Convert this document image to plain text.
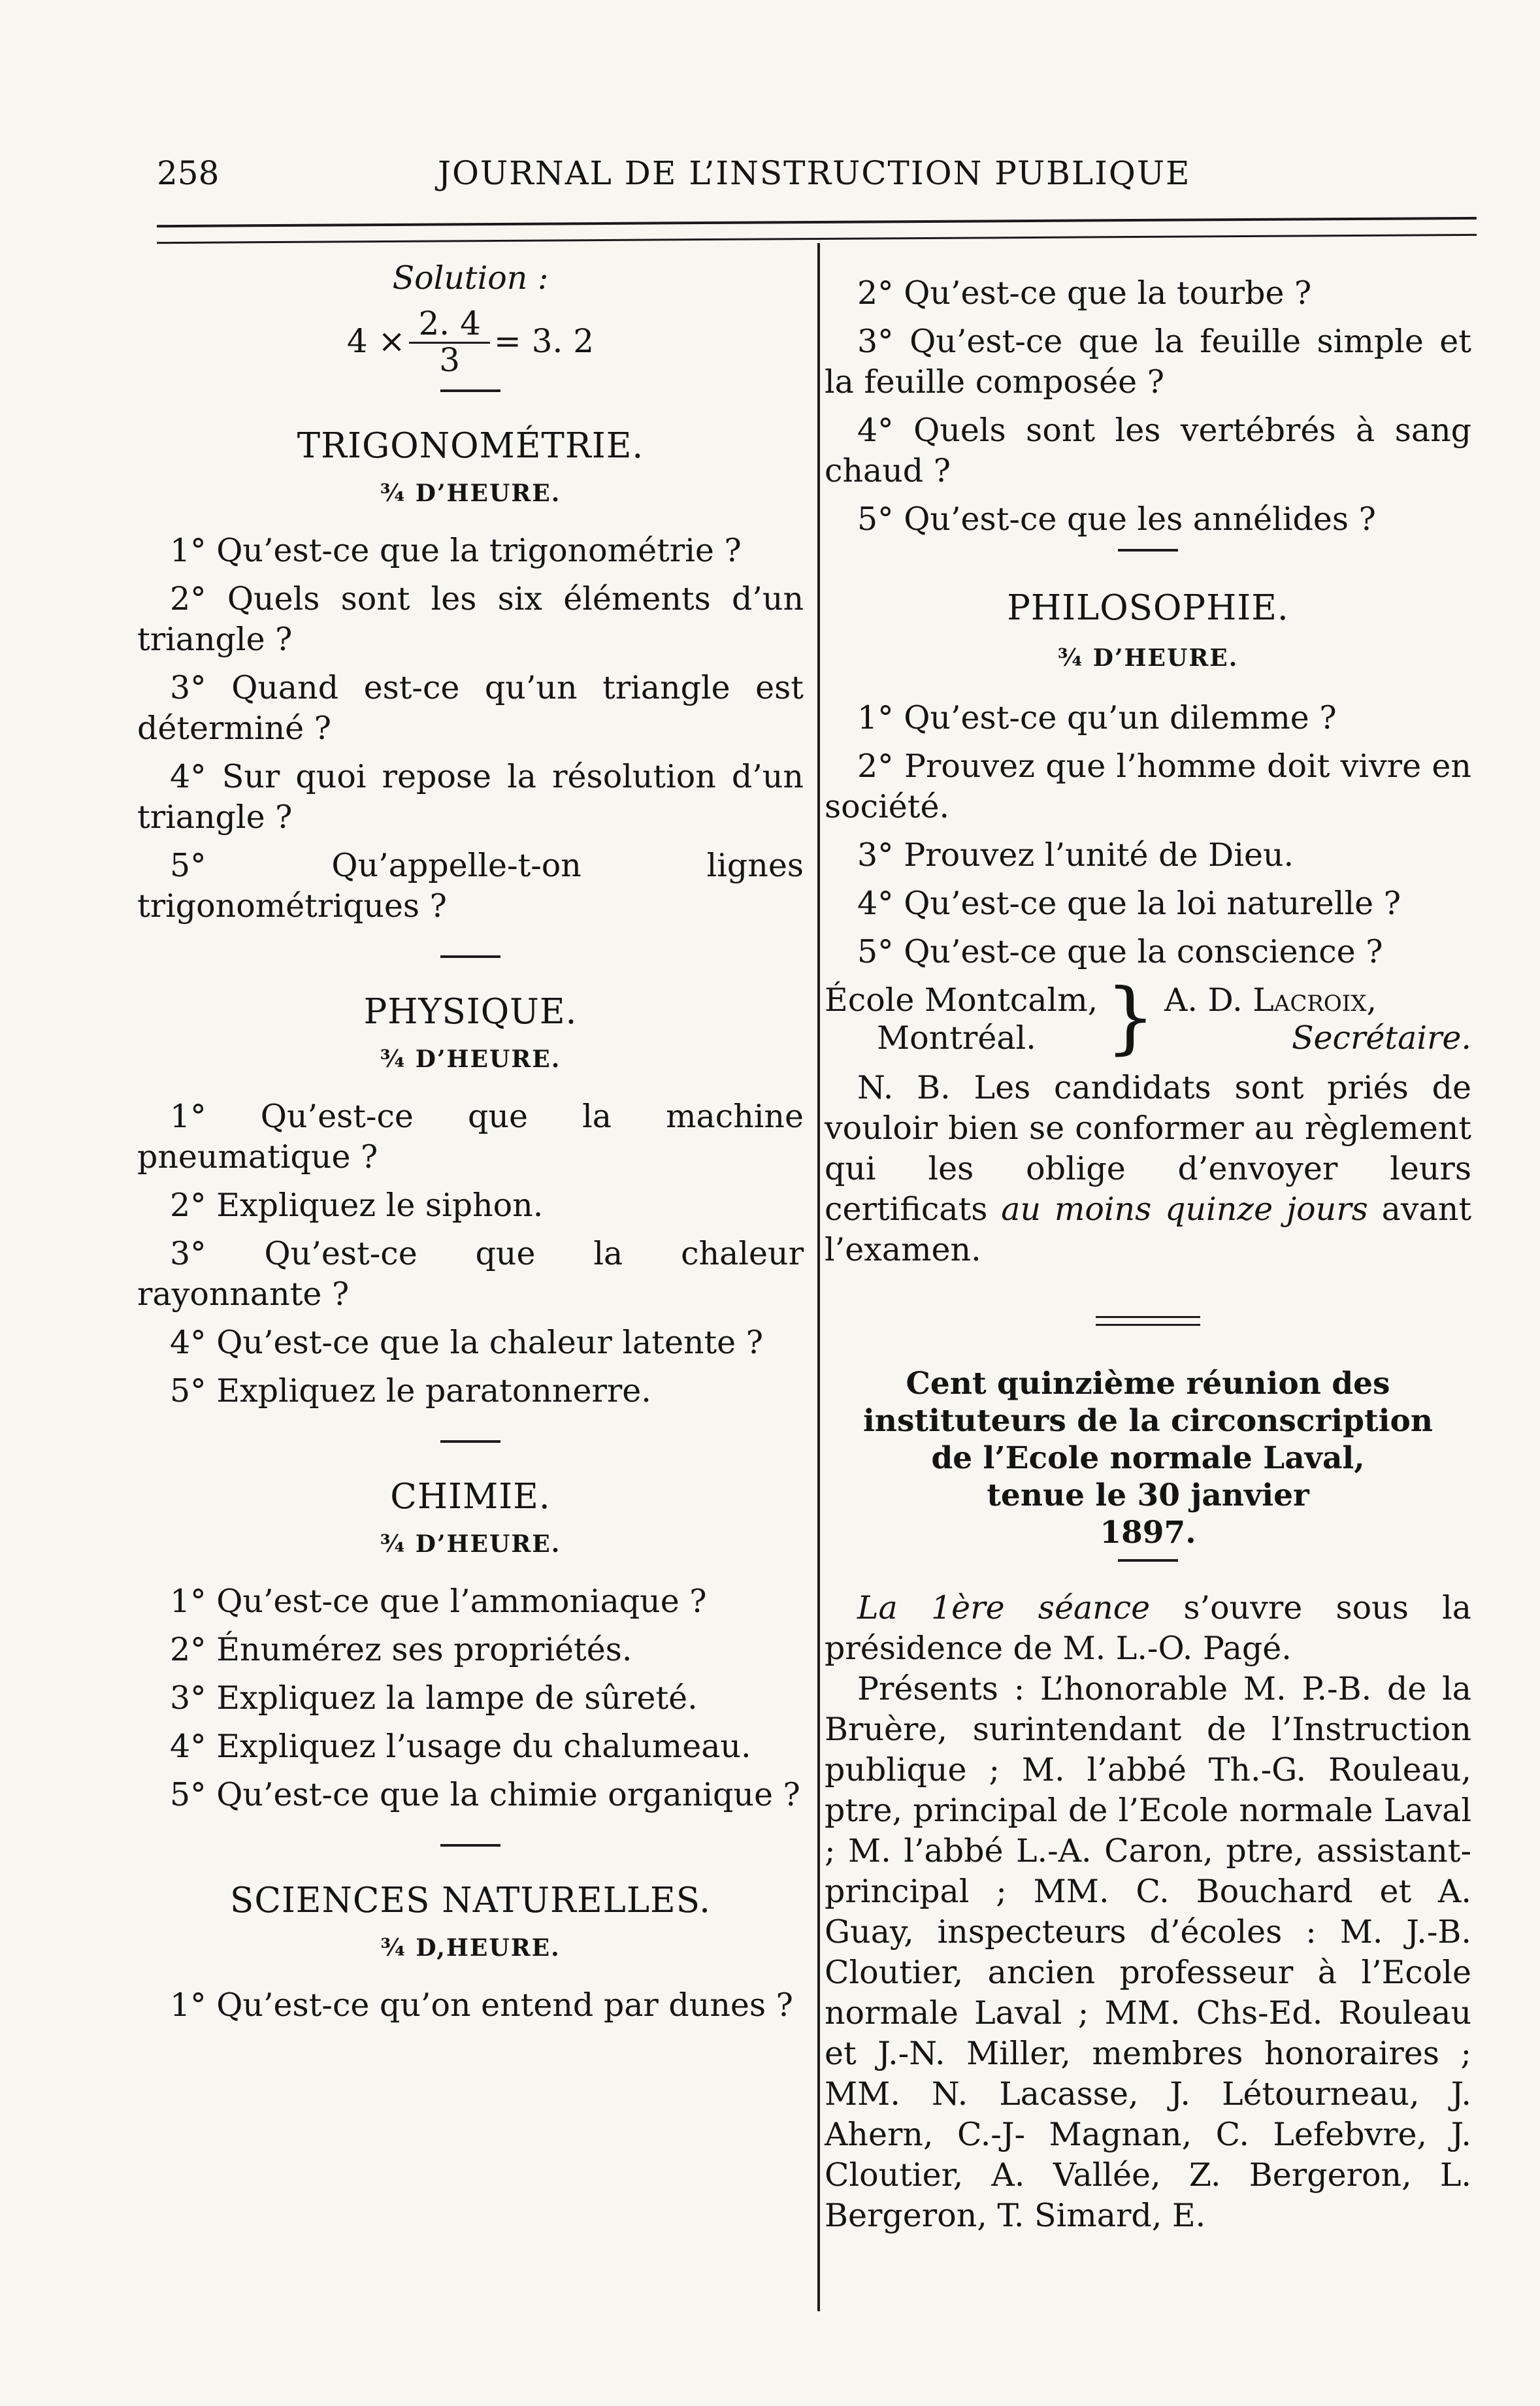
258	JOURNAL DE L’INSTRUCTION PUBLIQUE
Solution :
$4 \times \frac{2. 4}{3} = 3$. 2
TRIGONOMÉTRIE.
¾ D’HEURE.
1° Qu’est-ce que la trigonométrie ?
2° Quels sont les six éléments d’un triangle ?
3° Quand est-ce qu’un triangle est déterminé ?
4° Sur quoi repose la résolution d’un triangle ?
5° Qu’appelle-t-on lignes trigonométriques ?
PHYSIQUE.
¾ D’HEURE.
1° Qu’est-ce que la machine pneumatique ?
2° Expliquez le siphon.
3° Qu’est-ce que la chaleur rayonnante ?
4° Qu’est-ce que la chaleur latente ?
5° Expliquez le paratonnerre.
CHIMIE.
¾ D’HEURE.
1° Qu’est-ce que l’ammoniaque ?
2° Énumérez ses propriétés.
3° Expliquez la lampe de sûreté.
4° Expliquez l’usage du chalumeau.
5° Qu’est-ce que la chimie organique ?
SCIENCES NATURELLES.
¾ D,HEURE.
1° Qu’est-ce qu’on entend par dunes ?
2° Qu’est-ce que la tourbe ?
3° Qu’est-ce que la feuille simple et la feuille composée ?
4° Quels sont les vertébrés à sang chaud ?
5° Qu’est-ce que les annélides ?
PHILOSOPHIE.
¾ D’HEURE.
1° Qu’est-ce qu’un dilemme ?
2° Prouvez que l’homme doit vivre en société.
3° Prouvez l’unité de Dieu.
4° Qu’est-ce que la loi naturelle ?
5° Qu’est-ce que la conscience ?
École Montcalm,
Montréal. } A. D. Lacroix,
Secrétaire.
N. B. Les candidats sont priés de vouloir bien se conformer au règlement qui les oblige d’envoyer leurs certificats au moins quinze jours avant l’examen.
Cent quinzième réunion des instituteurs de la circonscription
de l’Ecole normale Laval,
tenue le 30 janvier
1897.
La 1ère séance s’ouvre sous la présidence de M. L.-O. Pagé.
Présents : L’honorable M. P.-B. de la Bruère, surintendant de l’Instruction publique ; M. l’abbé Th.-G. Rouleau, ptre, principal de l’Ecole normale Laval ; M. l’abbé L.-A. Caron, ptre, assistant-principal ; MM. C. Bouchard et A. Guay, inspecteurs d’écoles : M. J.-B. Cloutier, ancien professeur à l’Ecole normale Laval ; MM. Chs-Ed. Rouleau et J.-N. Miller, membres honoraires ; MM. N. Lacasse, J. Létourneau, J. Ahern, C.-J- Magnan, C. Lefebvre, J. Cloutier, A. Vallée, Z. Bergeron, L. Bergeron, T. Simard, E.
